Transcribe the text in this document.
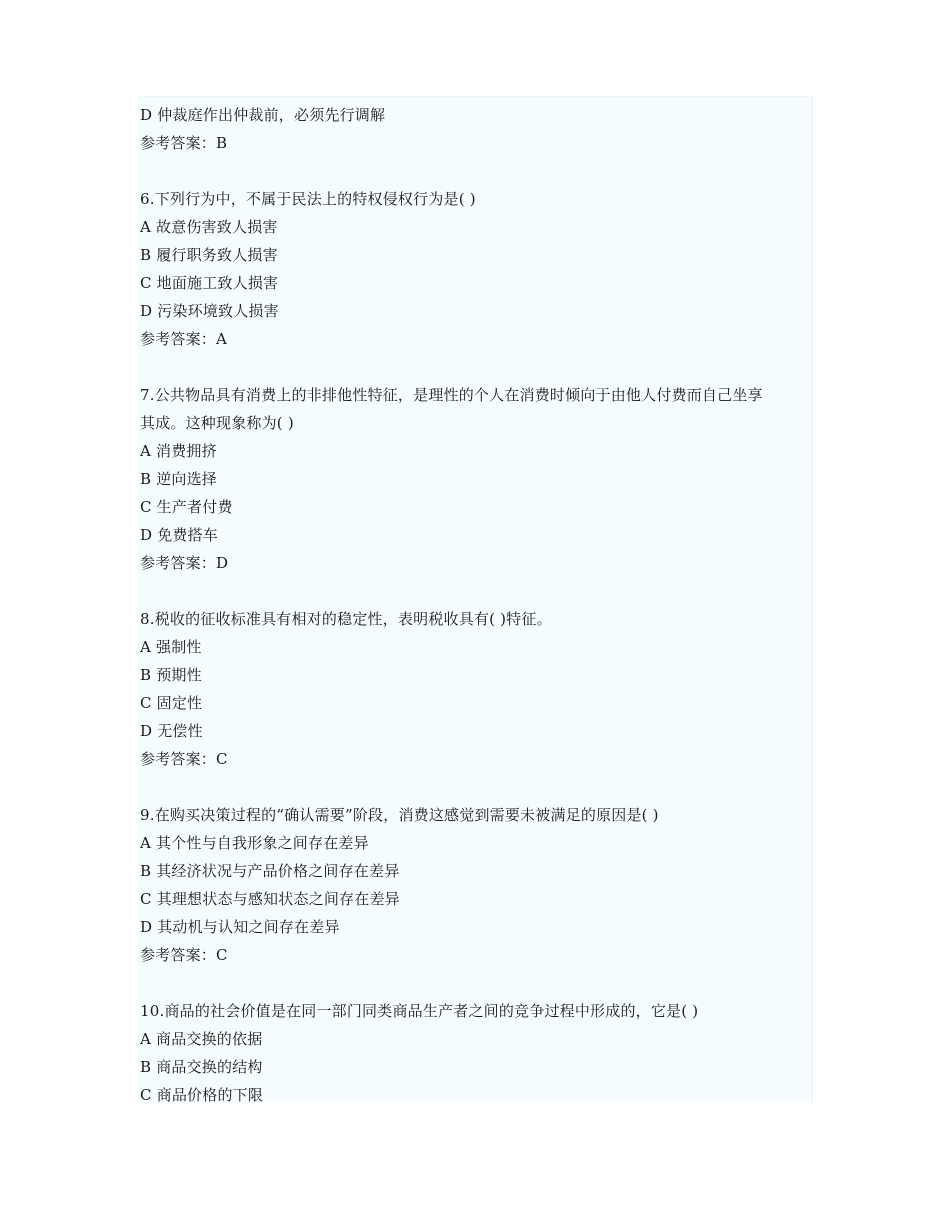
D 仲裁庭作出仲裁前，必须先行调解
参考答案：B
6.下列行为中，不属于民法上的特权侵权行为是( )
A 故意伤害致人损害
B 履行职务致人损害
C 地面施工致人损害
D 污染环境致人损害
参考答案：A
7.公共物品具有消费上的非排他性特征，是理性的个人在消费时倾向于由他人付费而自己坐享
其成。这种现象称为( )
A 消费拥挤
B 逆向选择
C 生产者付费
D 免费搭车
参考答案：D
8.税收的征收标准具有相对的稳定性，表明税收具有( )特征。
A 强制性
B 预期性
C 固定性
D 无偿性
参考答案：C
9.在购买决策过程的“确认需要”阶段，消费这感觉到需要未被满足的原因是( )
A 其个性与自我形象之间存在差异
B 其经济状况与产品价格之间存在差异
C 其理想状态与感知状态之间存在差异
D 其动机与认知之间存在差异
参考答案：C
10.商品的社会价值是在同一部门同类商品生产者之间的竞争过程中形成的，它是( )
A 商品交换的依据
B 商品交换的结构
C 商品价格的下限
